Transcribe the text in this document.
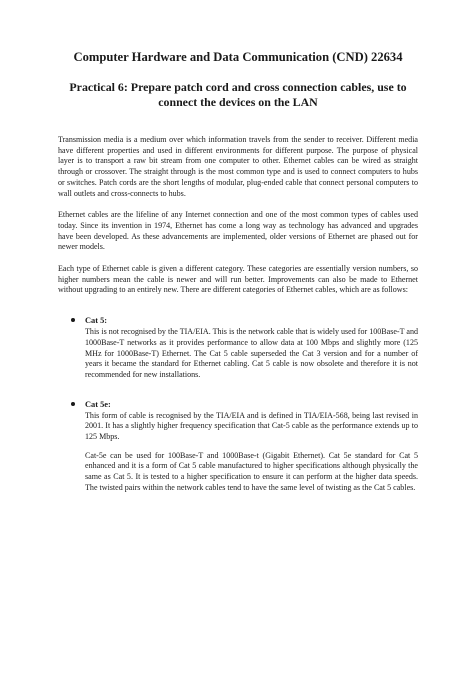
Computer Hardware and Data Communication (CND) 22634
Practical 6: Prepare patch cord and cross connection cables, use to connect the devices on the LAN

Transmission media is a medium over which information travels from the sender to receiver. Different media have different properties and used in different environments for different purpose. The purpose of physical layer is to transport a raw bit stream from one computer to other. Ethernet cables can be wired as straight through or crossover. The straight through is the most common type and is used to connect computers to hubs or switches. Patch cords are the short lengths of modular, plug-ended cable that connect personal computers to wall outlets and cross-connects to hubs.

Ethernet cables are the lifeline of any Internet connection and one of the most common types of cables used today. Since its invention in 1974, Ethernet has come a long way as technology has advanced and upgrades have been developed. As these advancements are implemented, older versions of Ethernet are phased out for newer models.

Each type of Ethernet cable is given a different category. These categories are essentially version numbers, so higher numbers mean the cable is newer and will run better. Improvements can also be made to Ethernet without upgrading to an entirely new. There are different categories of Ethernet cables, which are as follows:

Cat 5:

This is not recognised by the TIA/EIA. This is the network cable that is widely used for 100Base-T and 1000Base-T networks as it provides performance to allow data at 100 Mbps and slightly more (125 MHz for 1000Base-T) Ethernet. The Cat 5 cable superseded the Cat 3 version and for a number of years it became the standard for Ethernet cabling. Cat 5 cable is now obsolete and therefore it is not recommended for new installations.

Cat 5e:

This form of cable is recognised by the TIA/EIA and is defined in TIA/EIA-568, being last revised in 2001. It has a slightly higher frequency specification that Cat-5 cable as the performance extends up to 125 Mbps.

Cat-5e can be used for 100Base-T and 1000Base-t (Gigabit Ethernet). Cat 5e standard for Cat 5 enhanced and it is a form of Cat 5 cable manufactured to higher specifications although physically the same as Cat 5. It is tested to a higher specification to ensure it can perform at the higher data speeds. The twisted pairs within the network cables tend to have the same level of twisting as the Cat 5 cables.
